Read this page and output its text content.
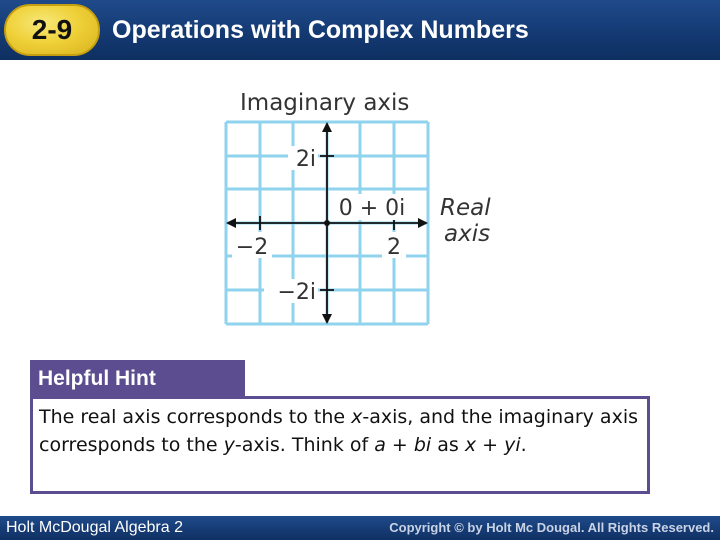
2-9	Operations with Complex Numbers
2i
−2i
−2	2
0 + 0i
Imaginary axis
Real
axis
Helpful Hint
The real axis corresponds to the x-axis, and the imaginary axis corresponds to the y-axis. Think of a + bi as x + yi.
Holt McDougal Algebra 2	Copyright © by Holt Mc Dougal. All Rights Reserved.
